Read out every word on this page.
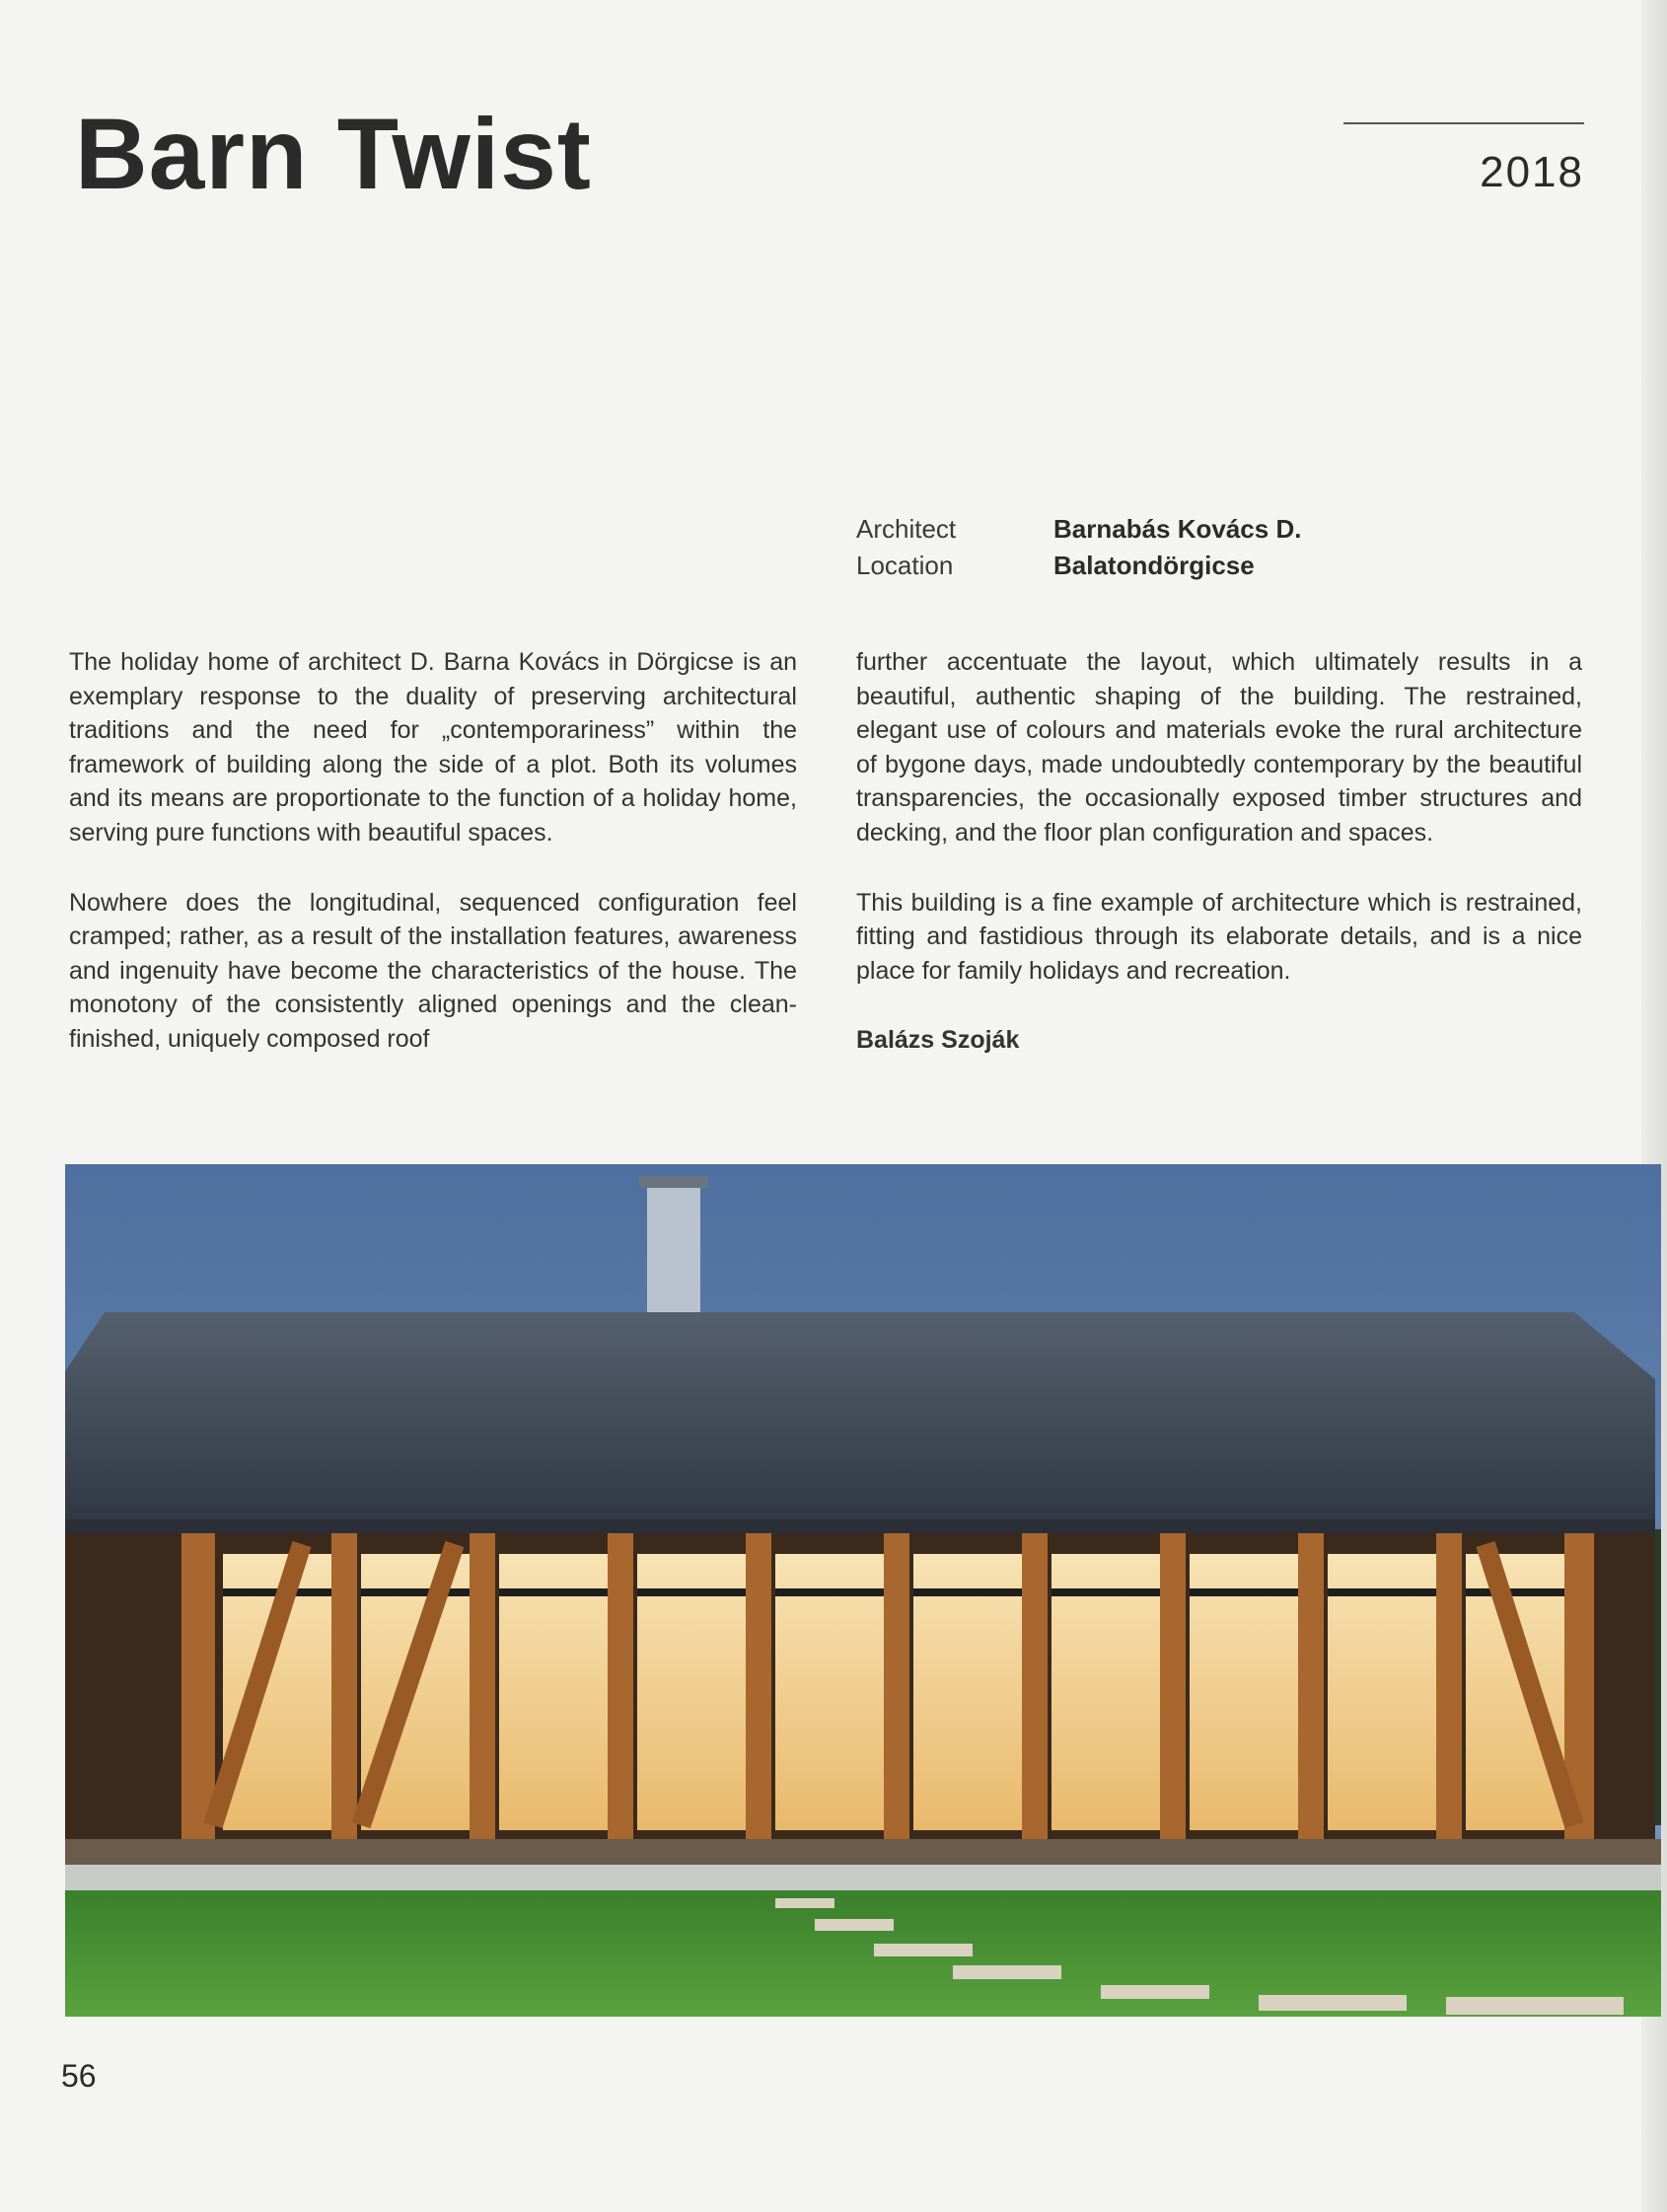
Barn Twist	2018
Architect	Barnabás Kovács D.
Location	Balatondörgicse

The holiday home of architect D. Barna Kovács in Dörgicse is an exemplary response to the duality of preserving architectural traditions and the need for „contemporariness” within the framework of building along the side of a plot. Both its volumes and its means are proportionate to the function of a holiday home, serving pure functions with beautiful spaces.

Nowhere does the longitudinal, sequenced configuration feel cramped; rather, as a result of the installation features, awareness and ingenuity have become the characteristics of the house. The monotony of the consistently aligned openings and the clean-finished, uniquely composed roof

further accentuate the layout, which ultimately results in a beautiful, authentic shaping of the building. The restrained, elegant use of colours and materials evoke the rural architecture of bygone days, made undoubtedly contemporary by the beautiful transparencies, the occasionally exposed timber structures and decking, and the floor plan configuration and spaces.

This building is a fine example of architecture which is restrained, fitting and fastidious through its elaborate details, and is a nice place for family holidays and recreation.

Balázs Szoják

56
